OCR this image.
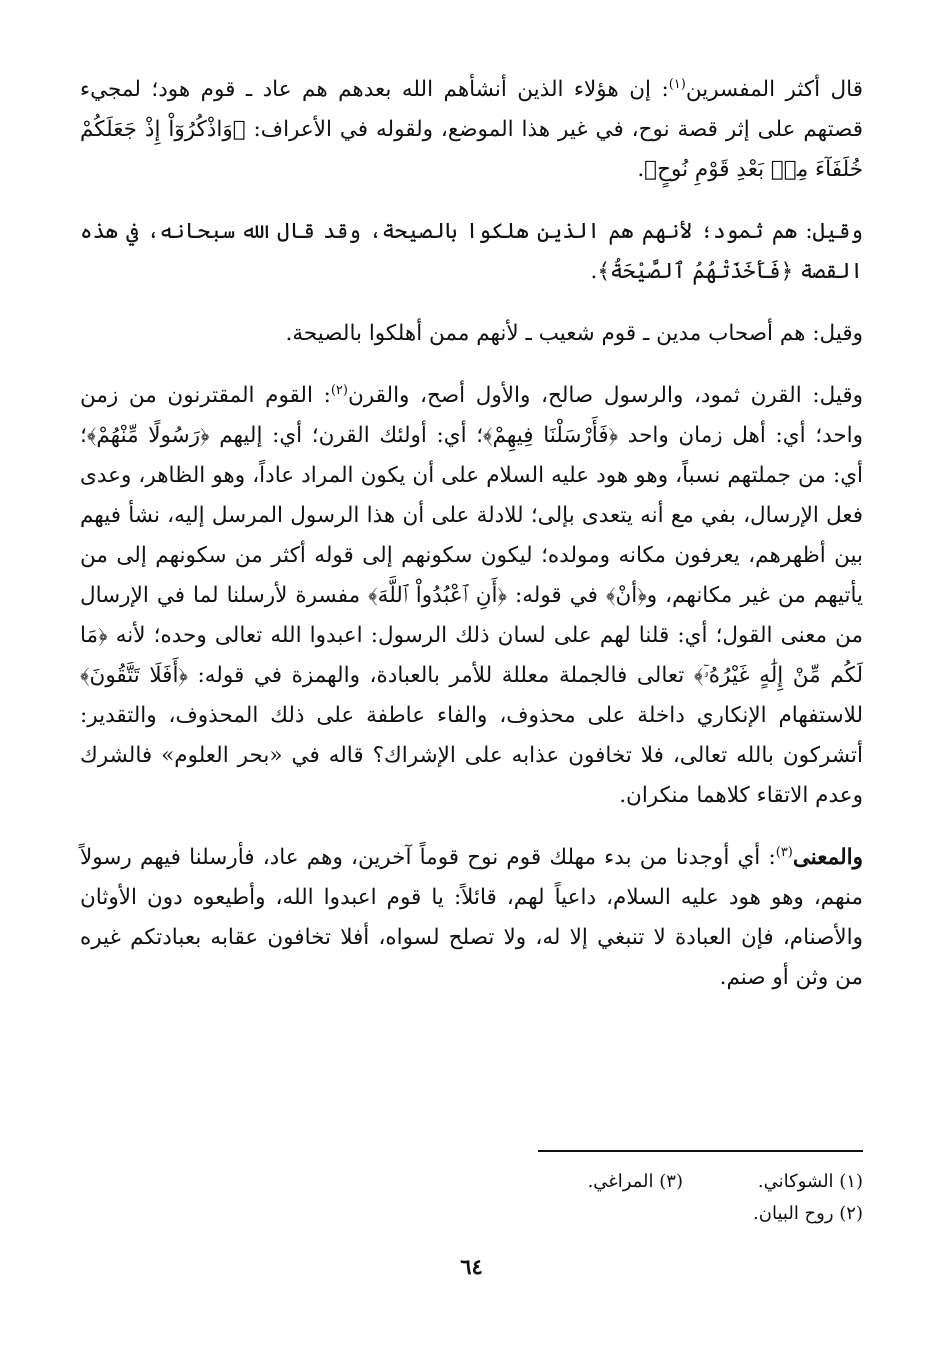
قال أكثر المفسرين$^{(١)}$: إن هؤلاء الذين أنشأهم الله بعدهم هم عاد ـ قوم هود؛ لمجيء قصتهم على إثر قصة نوح، في غير هذا الموضع، ولقوله في الأعراف: ﴿وَاذْكُرُوٓاْ إِذْ جَعَلَكُمْ خُلَفَآءَ مِنۢ بَعْدِ قَوْمِ نُوحٍ﴾.

وقيل: هم ثمود؛ لأنهم هم الذين هلكوا بالصيحة، وقد قال الله سبحانه، في هذه القصة ﴿فَأَخَذَتْهُمُ ٱلصَّيْحَةُ﴾.

وقيل: هم أصحاب مدين ـ قوم شعيب ـ لأنهم ممن أهلكوا بالصيحة.

وقيل: القرن ثمود، والرسول صالح، والأول أصح، والقرن$^{(٢)}$: القوم المقترنون من زمن واحد؛ أي: أهل زمان واحد ﴿فَأَرْسَلْنَا فِيهِمْ﴾؛ أي: أولئك القرن؛ أي: إليهم ﴿رَسُولًا مِّنْهُمْ﴾؛ أي: من جملتهم نسباً، وهو هود عليه السلام على أن يكون المراد عاداً، وهو الظاهر، وعدى فعل الإرسال، بفي مع أنه يتعدى بإلى؛ للادلة على أن هذا الرسول المرسل إليه، نشأ فيهم بين أظهرهم، يعرفون مكانه ومولده؛ ليكون سكونهم إلى قوله أكثر من سكونهم إلى من يأتيهم من غير مكانهم، و﴿أنْ﴾ في قوله: ﴿أَنِ ٱعْبُدُواْ ٱللَّهَ﴾ مفسرة لأرسلنا لما في الإرسال من معنى القول؛ أي: قلنا لهم على لسان ذلك الرسول: اعبدوا الله تعالى وحده؛ لأنه ﴿مَا لَكُم مِّنْ إِلَٰهٍ غَيْرُهُۥٓ﴾ تعالى فالجملة معللة للأمر بالعبادة، والهمزة في قوله: ﴿أَفَلَا تَتَّقُونَ﴾ للاستفهام الإنكاري داخلة على محذوف، والفاء عاطفة على ذلك المحذوف، والتقدير: أتشركون بالله تعالى، فلا تخافون عذابه على الإشراك؟ قاله في «بحر العلوم» فالشرك وعدم الاتقاء كلاهما منكران.

والمعنى$^{(٣)}$: أي أوجدنا من بدء مهلك قوم نوح قوماً آخرين، وهم عاد، فأرسلنا فيهم رسولاً منهم، وهو هود عليه السلام، داعياً لهم، قائلاً: يا قوم اعبدوا الله، وأطيعوه دون الأوثان والأصنام، فإن العبادة لا تنبغي إلا له، ولا تصلح لسواه، أفلا تخافون عقابه بعبادتكم غيره من وثن أو صنم.

(١) الشوكاني.
(٣) المراغي.
(٢) روح البيان.
٦٤
